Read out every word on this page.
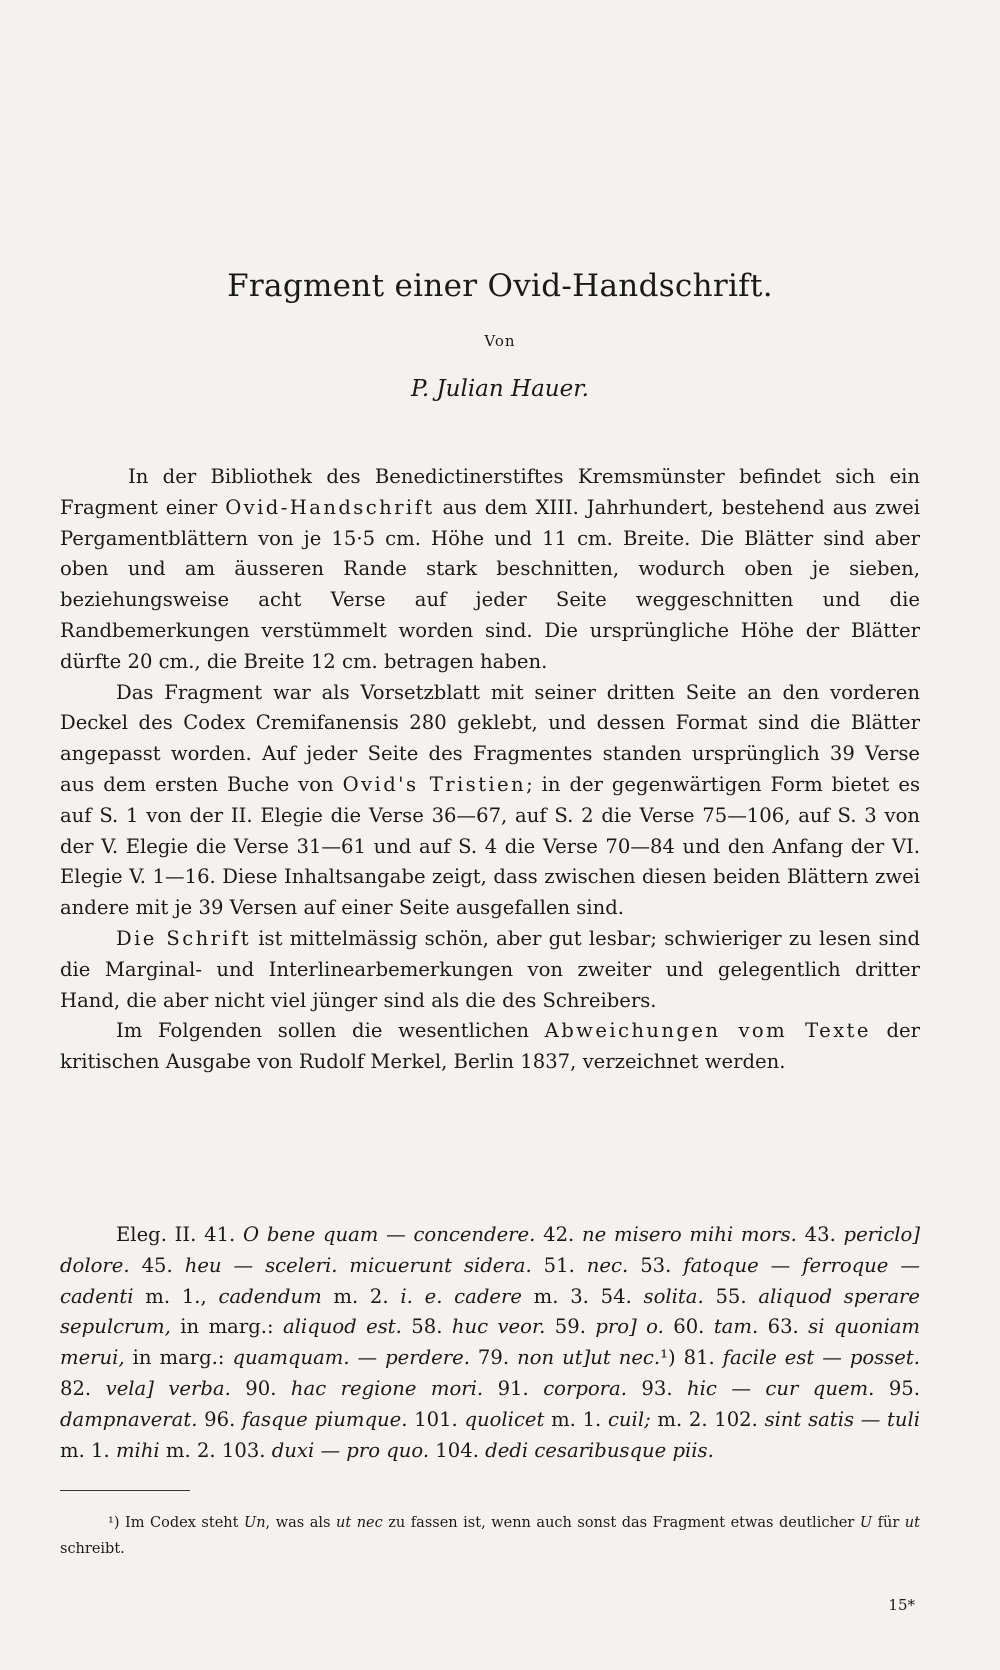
Fragment einer Ovid-Handschrift.
Von
P. Julian Hauer.

In der Bibliothek des Benedictinerstiftes Kremsmünster befindet sich ein Fragment einer Ovid-Handschrift aus dem XIII. Jahrhundert, bestehend aus zwei Pergamentblättern von je 15·5 cm. Höhe und 11 cm. Breite. Die Blätter sind aber oben und am äusseren Rande stark beschnitten, wodurch oben je sieben, beziehungsweise acht Verse auf jeder Seite weggeschnitten und die Randbemerkungen verstümmelt worden sind. Die ursprüngliche Höhe der Blätter dürfte 20 cm., die Breite 12 cm. betragen haben.

Das Fragment war als Vorsetzblatt mit seiner dritten Seite an den vorderen Deckel des Codex Cremifanensis 280 geklebt, und dessen Format sind die Blätter angepasst worden. Auf jeder Seite des Fragmentes standen ursprünglich 39 Verse aus dem ersten Buche von Ovid's Tristien; in der gegenwärtigen Form bietet es auf S. 1 von der II. Elegie die Verse 36—67, auf S. 2 die Verse 75—106, auf S. 3 von der V. Elegie die Verse 31—61 und auf S. 4 die Verse 70—84 und den Anfang der VI. Elegie V. 1—16. Diese Inhaltsangabe zeigt, dass zwischen diesen beiden Blättern zwei andere mit je 39 Versen auf einer Seite ausgefallen sind.

Die Schrift ist mittelmässig schön, aber gut lesbar; schwieriger zu lesen sind die Marginal- und Interlinearbemerkungen von zweiter und gelegentlich dritter Hand, die aber nicht viel jünger sind als die des Schreibers.

Im Folgenden sollen die wesentlichen Abweichungen vom Texte der kritischen Ausgabe von Rudolf Merkel, Berlin 1837, verzeichnet werden.

Eleg. II. 41. O bene quam — concendere. 42. ne misero mihi mors. 43. periclo] dolore. 45. heu — sceleri. micuerunt sidera. 51. nec. 53. fatoque — ferroque — cadenti m. 1., cadendum m. 2. i. e. cadere m. 3. 54. solita. 55. aliquod sperare sepulcrum, in marg.: aliquod est. 58. huc veor. 59. pro] o. 60. tam. 63. si quoniam merui, in marg.: quamquam. — perdere. 79. non ut]ut nec.¹) 81. facile est — posset. 82. vela] verba. 90. hac regione mori. 91. corpora. 93. hic — cur quem. 95. dampnaverat. 96. fasque piumque. 101. quolicet m. 1. cuil; m. 2. 102. sint satis — tuli m. 1. mihi m. 2. 103. duxi — pro quo. 104. dedi cesaribusque piis.

¹) Im Codex steht Un, was als ut nec zu fassen ist, wenn auch sonst das Fragment etwas deutlicher U für ut schreibt.

15*
